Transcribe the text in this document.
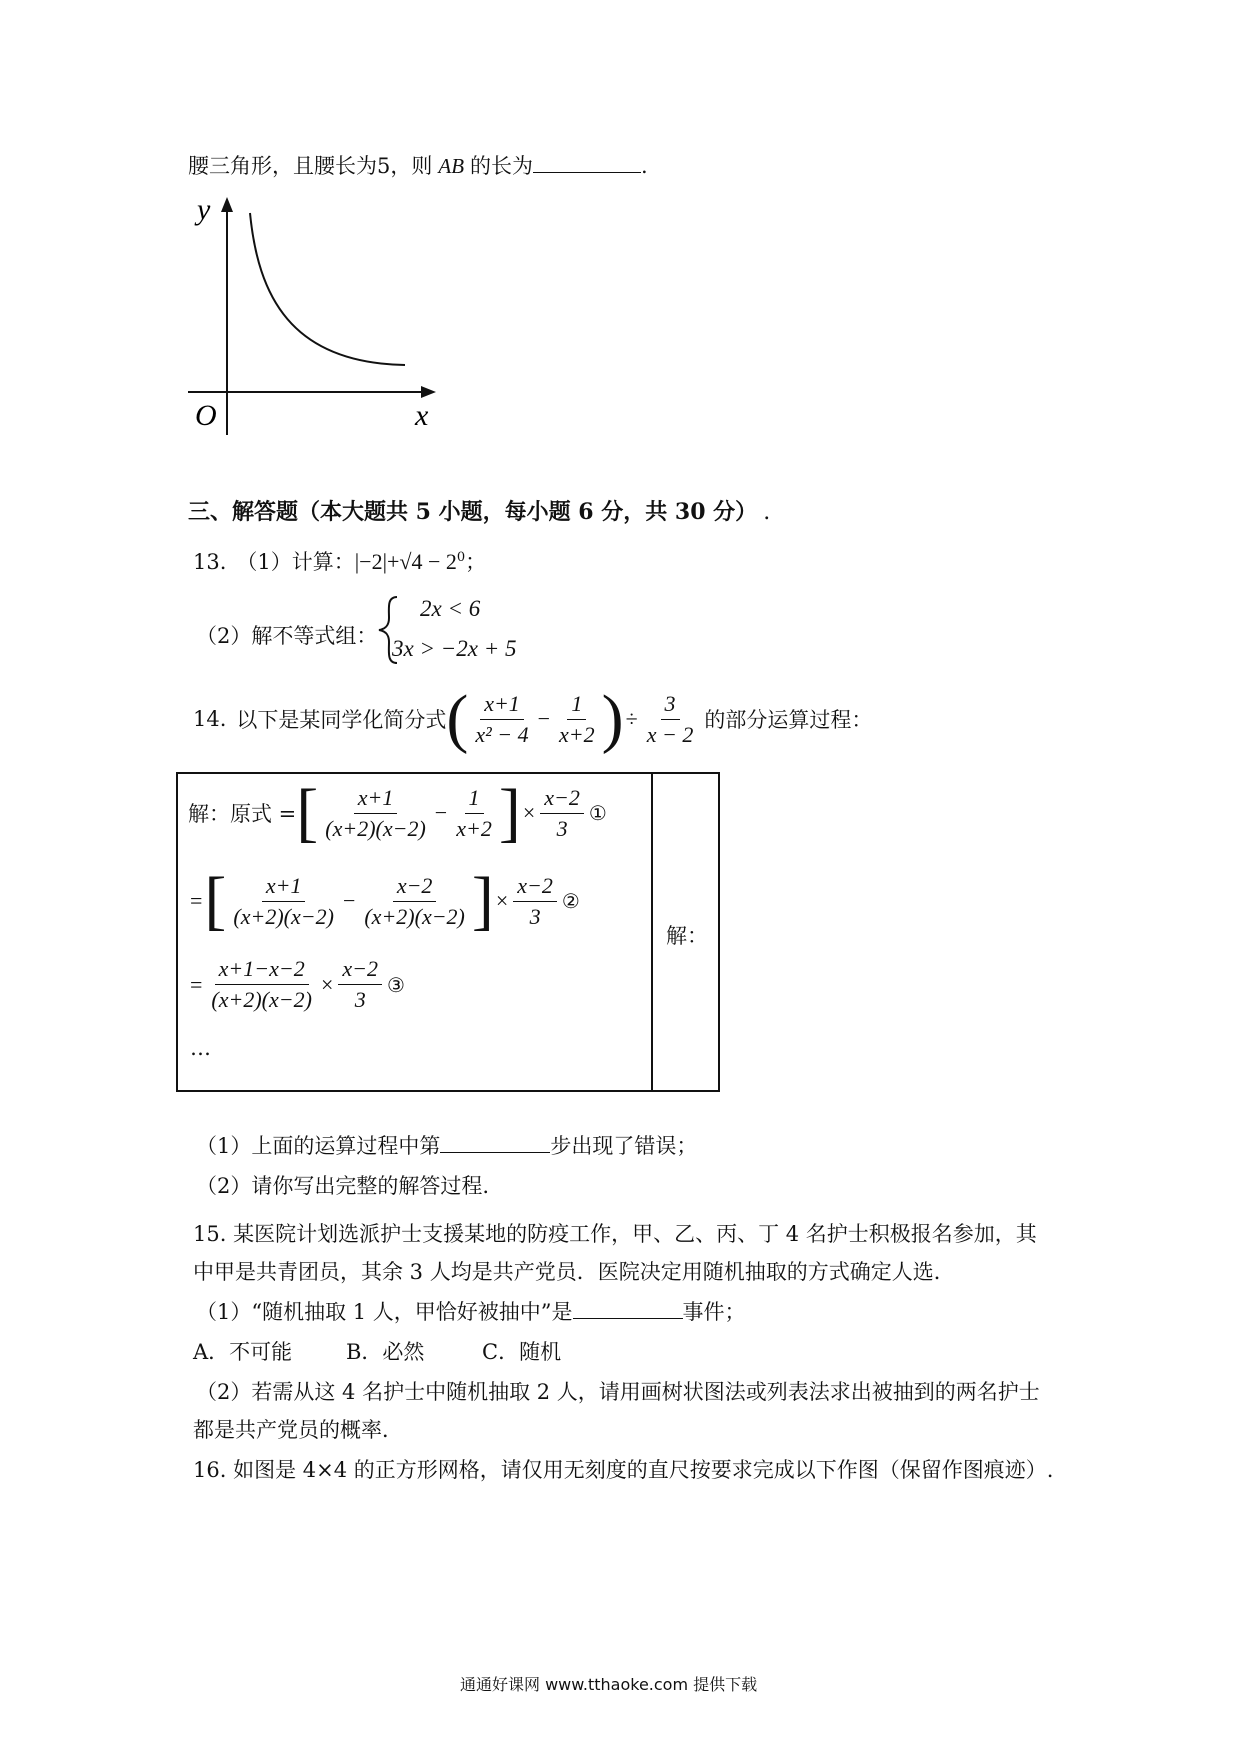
腰三角形，且腰长为5，则 AB 的长为	.
y
x
O
三、解答题（本大题共 5 小题，每小题 6 分，共 30 分） .
13. （1）计算：$|-2|+√4 - 2^0$；
（2）解不等式组：
2x < 6
3x > −2x + 5
14. 以下是某同学化简分式 ( $\frac{x+1}{\text{x² − 4}} - \frac{1}{x+2}$ ) ÷ $\frac{3}{x - 2}$ 的部分运算过程：
解：原式 = [ $\frac{x+1}{(x+2)(x-2)} - \frac{1}{x+2}$ ] × $\frac{x-2}{3}$ ①
= [ $\frac{x+1}{(x+2)(x-2)} - \frac{x-2}{(x+2)(x-2)}$ ] × $\frac{x-2}{3}$ ②
= $\frac{x+1-x-2}{(x+2)(x-2)} \times \frac{x-2}{3}$ ③
…
解：
（1）上面的运算过程中第	步出现了错误；
（2）请你写出完整的解答过程.
15. 某医院计划选派护士支援某地的防疫工作，甲、乙、丙、丁 4 名护士积极报名参加，其
中甲是共青团员，其余 3 人均是共产党员．医院决定用随机抽取的方式确定人选．
（1）“随机抽取 1 人，甲恰好被抽中”是	事件；
A．不可能	B．必然	C．随机
（2）若需从这 4 名护士中随机抽取 2 人，请用画树状图法或列表法求出被抽到的两名护士
都是共产党员的概率．
16. 如图是 4×4 的正方形网格，请仅用无刻度的直尺按要求完成以下作图（保留作图痕迹）.
通通好课网 www.tthaoke.com 提供下载
